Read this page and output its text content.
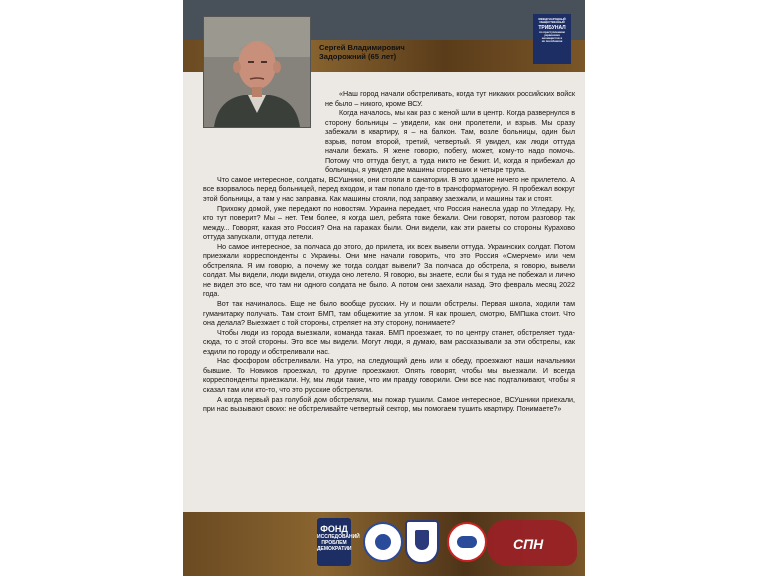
Сергей Владимирович
Задорожний (65 лет)
МЕЖДУНАРОДНЫЙ
ОБЩЕСТВЕННЫЙ
ТРИБУНАЛ
по преступлениям
украинских
неонацистов и
их пособников

«Наш город начали обстреливать, когда тут никаких российских войск не было – никого, кроме ВСУ.

Когда началось, мы как раз с женой шли в центр. Когда развернулся в сторону больницы – увидели, как они пролетели, и взрыв. Мы сразу забежали в квартиру, я – на балкон. Там, возле больницы, один был взрыв, потом второй, третий, четвертый. Я увидел, как люди оттуда начали бежать. Я жене говорю, побегу, может, кому-то надо помочь. Потому что оттуда бегут, а туда никто не бежит. И, когда я прибежал до больницы, я увидел две машины сгоревших и четыре трупа.

Что самое интересное, солдаты, ВСУшники, они стояли в санатории. В это здание ничего не прилетело. А все взорвалось перед больницей, перед входом, и там попало где-то в трансформаторную. Я пробежал вокруг этой больницы, а там у нас заправка. Как машины стояли, под заправку заезжали, и машины так и стоят.

Прихожу домой, уже передают по новостям. Украина передает, что Россия нанесла удар по Угледару. Ну, кто тут поверит? Мы – нет. Тем более, я когда шел, ребята тоже бежали. Они говорят, потом разговор так между... Говорят, какая это Россия? Она на гаражах были. Они видели, как эти ракеты со стороны Курахово оттуда запускали, оттуда летели.

Но самое интересное, за полчаса до этого, до прилета, их всех вывели оттуда. Украинских солдат. Потом приезжали корреспонденты с Украины. Они мне начали говорить, что это Россия «Смерчем» или чем обстреляла. Я им говорю, а почему же тогда солдат вывели? За полчаса до обстрела, я говорю, вывели солдат. Мы видели, люди видели, откуда оно летело. Я говорю, вы знаете, если бы я туда не побежал и лично не видел это все, что там ни одного солдата не было. А потом они заехали назад. Это февраль месяц 2022 года.

Вот так начиналось. Еще не было вообще русских. Ну и пошли обстрелы. Первая школа, ходили там гуманитарку получать. Там стоит БМП, там общежитие за углом. Я как прошел, смотрю, БМПшка стоит. Что она делала? Выезжает с той стороны, стреляет на эту сторону, понимаете?

Чтобы люди из города выезжали, команда такая. БМП проезжает, то по центру станет, обстреляет туда-сюда, то с этой стороны. Это все мы видели. Могут люди, я думаю, вам рассказывали за эти обстрелы, как ездили по городу и обстреливали нас.

Нас фосфором обстреливали. На утро, на следующий день или к обеду, проезжают наши начальники бывшие. То Новиков проезжал, то другие проезжают. Опять говорят, чтобы мы выезжали. И всегда корреспонденты приезжали. Ну, мы люди такие, что им правду говорили. Они все нас подталкивают, чтобы я сказал там или кто-то, что это русские обстреляли.

А когда первый раз голубой дом обстреляли, мы пожар тушили. Самое интересное, ВСУшники приехали, при нас вызывают своих: не обстреливайте четвертый сектор, мы помогаем тушить квартиру. Понимаете?»

ФОНД
ИССЛЕДОВАНИЙ
ПРОБЛЕМ
ДЕМОКРАТИИ	СПН
